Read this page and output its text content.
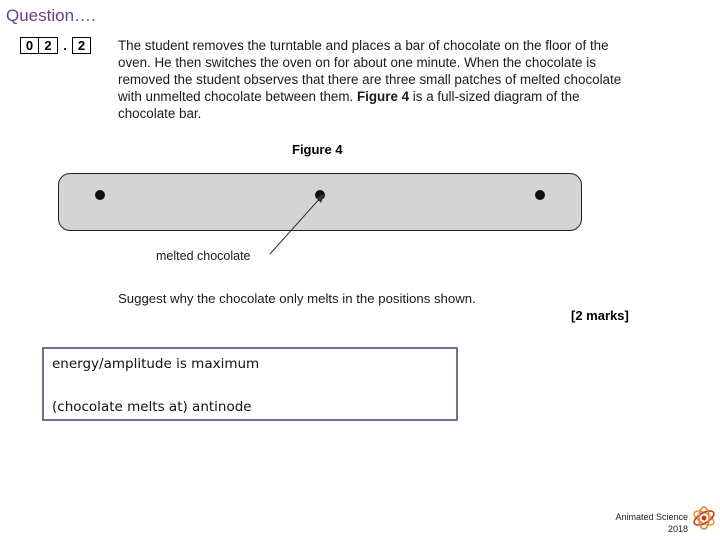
Question….
0 2 . 2	The student removes the turntable and places a bar of chocolate on the floor of the oven. He then switches the oven on for about one minute. When the chocolate is removed the student observes that there are three small patches of melted chocolate with unmelted chocolate between them. Figure 4 is a full-sized diagram of the chocolate bar.
Figure 4
melted chocolate
Suggest why the chocolate only melts in the positions shown.
[2 marks]
energy/amplitude is maximum
(chocolate melts at) antinode
Animated Science
2018
